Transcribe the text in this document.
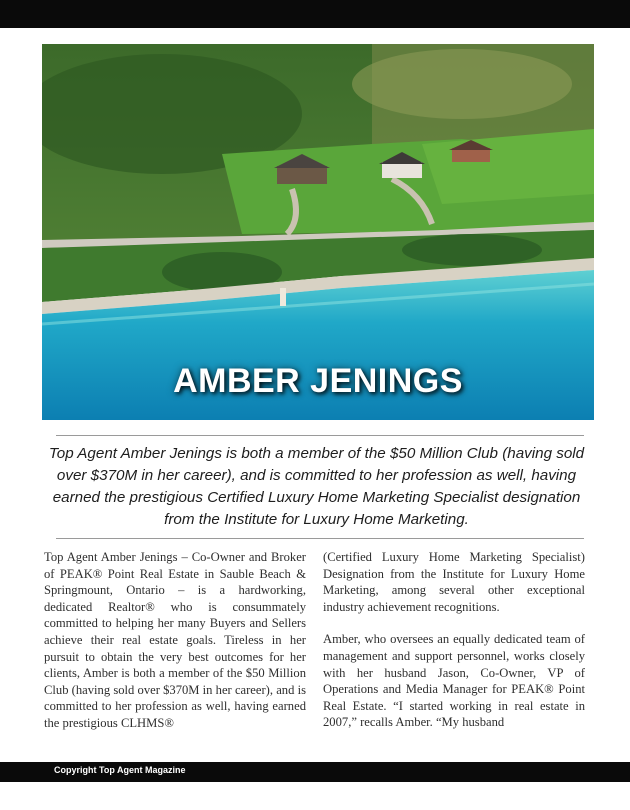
AMBER JENINGS
Top Agent Amber Jenings is both a member of the $50 Million Club (having sold over $370M in her career), and is committed to her profession as well, having earned the prestigious Certified Luxury Home Marketing Specialist designation from the Institute for Luxury Home Marketing.

Top Agent Amber Jenings – Co-Owner and Broker of PEAK® Point Real Estate in Sauble Beach & Springmount, Ontario – is a hardworking, dedicated Realtor® who is consummately committed to helping her many Buyers and Sellers achieve their real estate goals. Tireless in her pursuit to obtain the very best outcomes for her clients, Amber is both a member of the $50 Million Club (having sold over $370M in her career), and is committed to her profession as well, having earned the prestigious CLHMS®

(Certified Luxury Home Marketing Specialist) Designation from the Institute for Luxury Home Marketing, among several other exceptional industry achievement recognitions.

Amber, who oversees an equally dedicated team of management and support personnel, works closely with her husband Jason, Co-Owner, VP of Operations and Media Manager for PEAK® Point Real Estate. “I started working in real estate in 2007,” recalls Amber. “My husband

Copyright Top Agent Magazine
